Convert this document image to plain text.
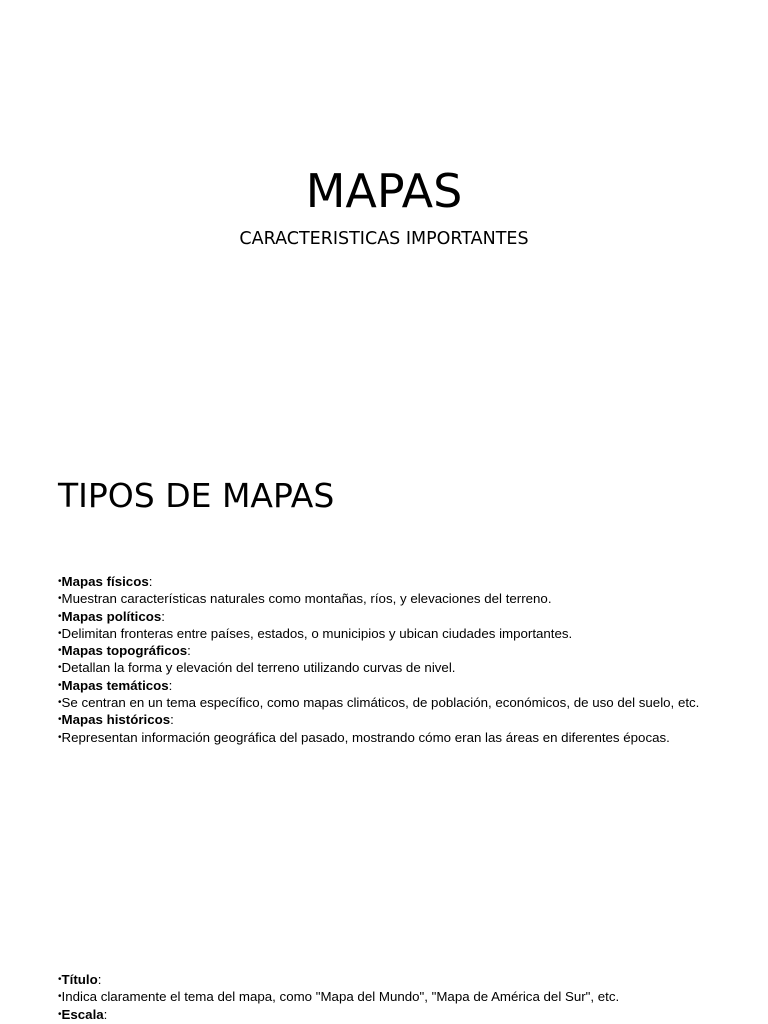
MAPAS
CARACTERISTICAS IMPORTANTES
TIPOS DE MAPAS
•Mapas físicos:
•Muestran características naturales como montañas, ríos, y elevaciones del terreno.
•Mapas políticos:
•Delimitan fronteras entre países, estados, o municipios y ubican ciudades importantes.
•Mapas topográficos:
•Detallan la forma y elevación del terreno utilizando curvas de nivel.
•Mapas temáticos:
•Se centran en un tema específico, como mapas climáticos, de población, económicos, de uso del suelo, etc.
•Mapas históricos:
•Representan información geográfica del pasado, mostrando cómo eran las áreas en diferentes épocas.
•Título:
•Indica claramente el tema del mapa, como "Mapa del Mundo", "Mapa de América del Sur", etc.
•Escala:
